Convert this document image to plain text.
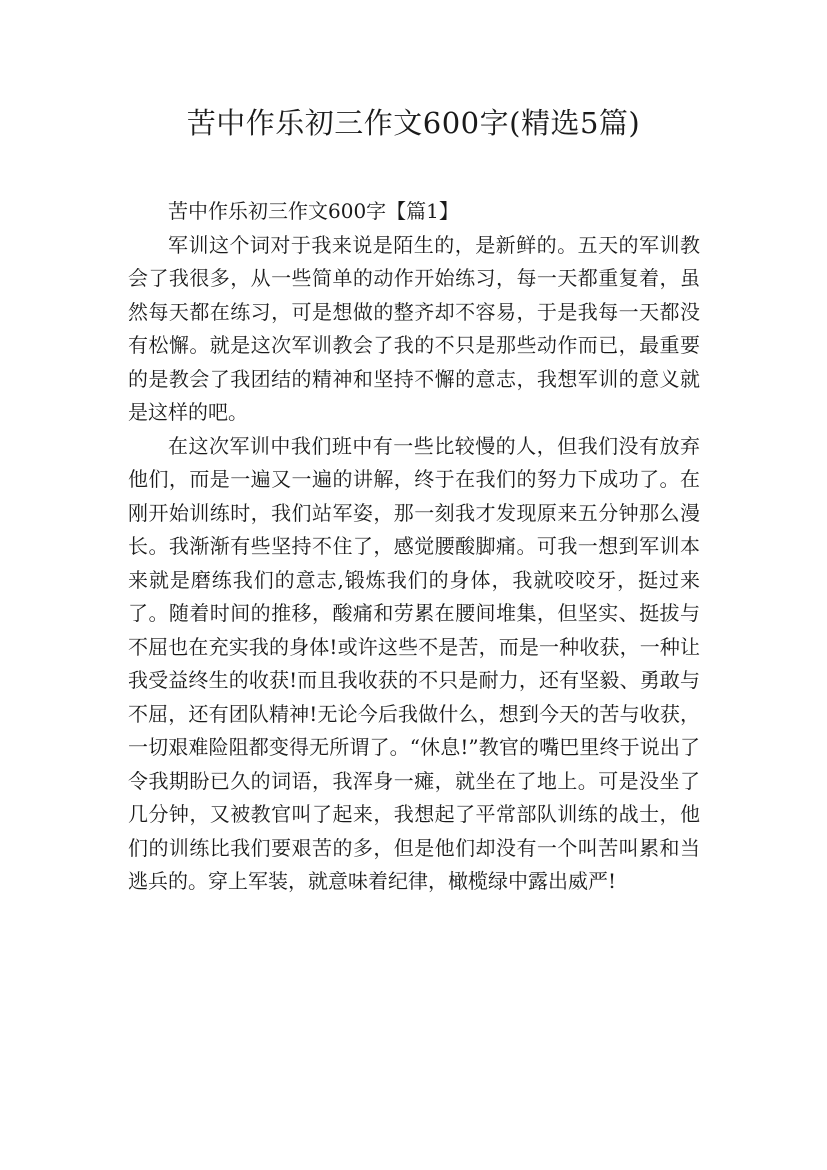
苦中作乐初三作文600字(精选5篇)
苦中作乐初三作文600字【篇1】

军训这个词对于我来说是陌生的，是新鲜的。五天的军训教会了我很多，从一些简单的动作开始练习，每一天都重复着，虽然每天都在练习，可是想做的整齐却不容易，于是我每一天都没有松懈。就是这次军训教会了我的不只是那些动作而已，最重要的是教会了我团结的精神和坚持不懈的意志，我想军训的意义就是这样的吧。

在这次军训中我们班中有一些比较慢的人，但我们没有放弃他们，而是一遍又一遍的讲解，终于在我们的努力下成功了。在刚开始训练时，我们站军姿，那一刻我才发现原来五分钟那么漫长。我渐渐有些坚持不住了，感觉腰酸脚痛。可我一想到军训本来就是磨练我们的意志,锻炼我们的身体，我就咬咬牙，挺过来了。随着时间的推移，酸痛和劳累在腰间堆集，但坚实、挺拔与不屈也在充实我的身体!或许这些不是苦，而是一种收获，一种让我受益终生的收获!而且我收获的不只是耐力，还有坚毅、勇敢与不屈，还有团队精神!无论今后我做什么，想到今天的苦与收获，一切艰难险阻都变得无所谓了。“休息!”教官的嘴巴里终于说出了令我期盼已久的词语，我浑身一瘫，就坐在了地上。可是没坐了几分钟，又被教官叫了起来，我想起了平常部队训练的战士，他们的训练比我们要艰苦的多，但是他们却没有一个叫苦叫累和当逃兵的。穿上军装，就意味着纪律，橄榄绿中露出威严!
